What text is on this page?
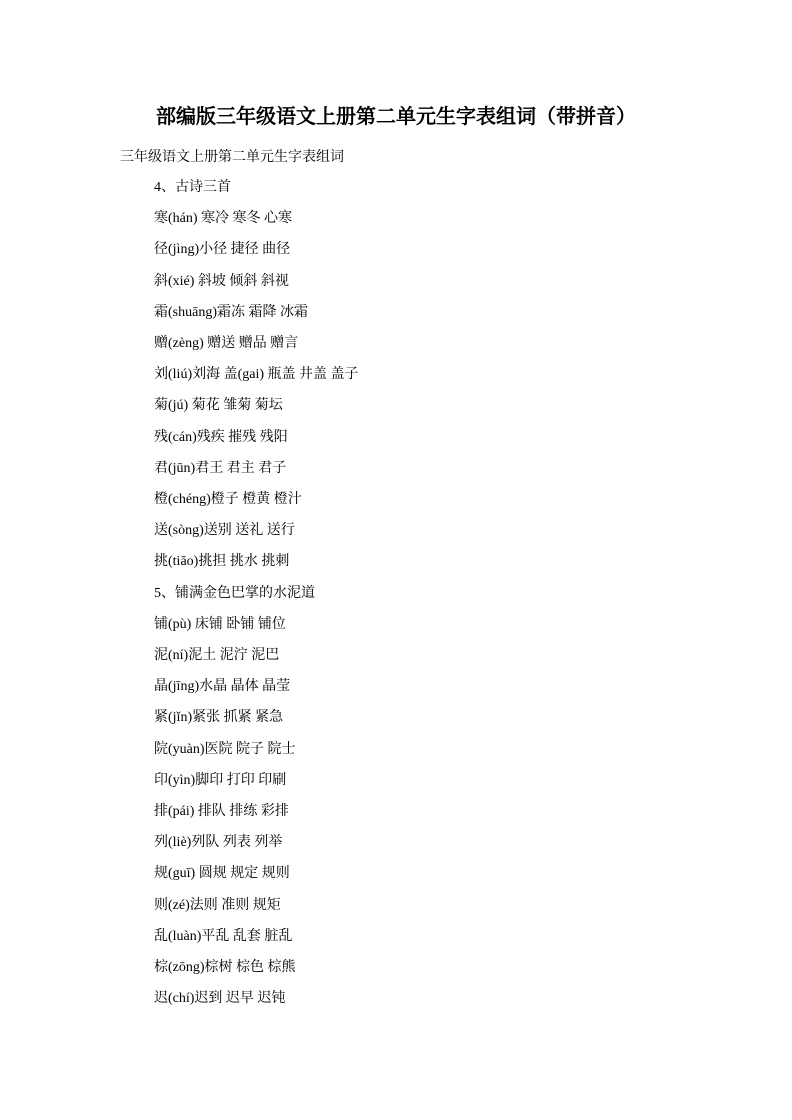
部编版三年级语文上册第二单元生字表组词（带拼音）

三年级语文上册第二单元生字表组词

4、古诗三首

寒(hán) 寒冷 寒冬 心寒

径(jìng)小径 捷径 曲径

斜(xié) 斜坡 倾斜 斜视

霜(shuāng)霜冻 霜降 冰霜

赠(zèng) 赠送 赠品 赠言

刘(liú)刘海 盖(gai) 瓶盖 井盖 盖子

菊(jú) 菊花 雏菊 菊坛

残(cán)残疾 摧残 残阳

君(jūn)君王 君主 君子

橙(chéng)橙子 橙黄 橙汁

送(sòng)送别 送礼 送行

挑(tiāo)挑担 挑水 挑刺

5、铺满金色巴掌的水泥道

铺(pù) 床铺 卧铺 铺位

泥(ní)泥土 泥泞 泥巴

晶(jīng)水晶 晶体 晶莹

紧(jǐn)紧张 抓紧 紧急

院(yuàn)医院 院子 院士

印(yìn)脚印 打印 印刷

排(pái) 排队 排练 彩排

列(liè)列队 列表 列举

规(guī) 圆规 规定 规则

则(zé)法则 准则 规矩

乱(luàn)平乱 乱套 脏乱

棕(zōng)棕树 棕色 棕熊

迟(chí)迟到 迟早 迟钝
